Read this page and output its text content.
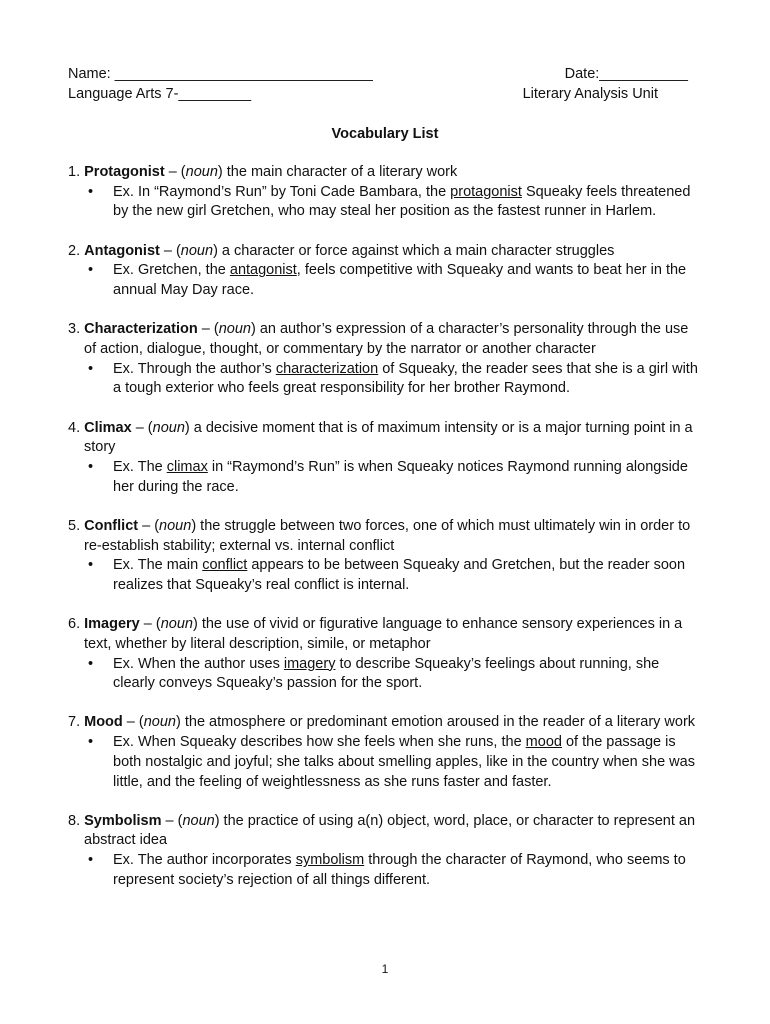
Name: ________________________________	Date:___________
Language Arts 7-_________	Literary Analysis Unit
Vocabulary List
1. Protagonist – (noun) the main character of a literary work
• Ex. In “Raymond’s Run” by Toni Cade Bambara, the protagonist Squeaky feels threatened by the new girl Gretchen, who may steal her position as the fastest runner in Harlem.
2. Antagonist – (noun) a character or force against which a main character struggles
• Ex. Gretchen, the antagonist, feels competitive with Squeaky and wants to beat her in the annual May Day race.
3. Characterization – (noun) an author’s expression of a character’s personality through the use of action, dialogue, thought, or commentary by the narrator or another character
• Ex. Through the author’s characterization of Squeaky, the reader sees that she is a girl with a tough exterior who feels great responsibility for her brother Raymond.
4. Climax – (noun) a decisive moment that is of maximum intensity or is a major turning point in a story
• Ex. The climax in “Raymond’s Run” is when Squeaky notices Raymond running alongside her during the race.
5. Conflict – (noun) the struggle between two forces, one of which must ultimately win in order to re-establish stability; external vs. internal conflict
• Ex. The main conflict appears to be between Squeaky and Gretchen, but the reader soon realizes that Squeaky’s real conflict is internal.
6. Imagery – (noun) the use of vivid or figurative language to enhance sensory experiences in a text, whether by literal description, simile, or metaphor
• Ex. When the author uses imagery to describe Squeaky’s feelings about running, she clearly conveys Squeaky’s passion for the sport.
7. Mood – (noun) the atmosphere or predominant emotion aroused in the reader of a literary work
• Ex. When Squeaky describes how she feels when she runs, the mood of the passage is both nostalgic and joyful; she talks about smelling apples, like in the country when she was little, and the feeling of weightlessness as she runs faster and faster.
8. Symbolism – (noun) the practice of using a(n) object, word, place, or character to represent an abstract idea
• Ex. The author incorporates symbolism through the character of Raymond, who seems to represent society’s rejection of all things different.
1
